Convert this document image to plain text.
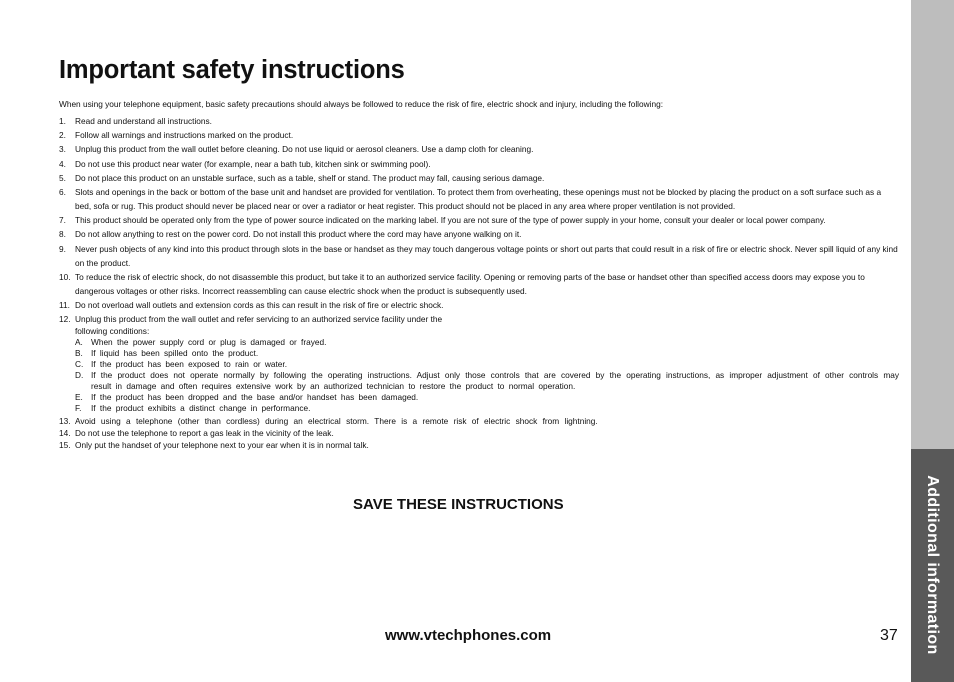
Important safety instructions

When using your telephone equipment, basic safety precautions should always be followed to reduce the risk of fire, electric shock and injury, including the following:

1.	Read and understand all instructions.
2.	Follow all warnings and instructions marked on the product.
3.	Unplug this product from the wall outlet before cleaning. Do not use liquid or aerosol cleaners. Use a damp cloth for cleaning.
4.	Do not use this product near water (for example, near a bath tub, kitchen sink or swimming pool).
5.	Do not place this product on an unstable surface, such as a table, shelf or stand. The product may fall, causing serious damage.
6.	Slots and openings in the back or bottom of the base unit and handset are provided for ventilation. To protect them from overheating, these openings must not be blocked by placing the product on a soft surface such as a bed, sofa or rug. This product should never be placed near or over a radiator or heat register. This product should not be placed in any area where proper ventilation is not provided.
7.	This product should be operated only from the type of power source indicated on the marking label. If you are not sure of the type of power supply in your home, consult your dealer or local power company.
8.	Do not allow anything to rest on the power cord. Do not install this product where the cord may have anyone walking on it.
9.	Never push objects of any kind into this product through slots in the base or handset as they may touch dangerous voltage points or short out parts that could result in a risk of fire or electric shock. Never spill liquid of any kind on the product.
10. To reduce the risk of electric shock, do not disassemble this product, but take it to an authorized service facility. Opening or removing parts of the base or handset other than specified access doors may expose you to dangerous voltages or other risks. Incorrect reassembling can cause electric shock when the product is subsequently used.
11. Do not overload wall outlets and extension cords as this can result in the risk of fire or electric shock.
12. Unplug this product from the wall outlet and refer servicing to an authorized service facility under the
following conditions:
A. When the power supply cord or plug is damaged or frayed.
B. If liquid has been spilled onto the product.
C. If the product has been exposed to rain or water.
D. If the product does not operate normally by following the operating instructions. Adjust only those controls that are covered by the operating instructions, as improper adjustment of other controls may result in damage and often requires extensive work by an authorized technician to restore the product to normal operation.
E. If the product has been dropped and the base and/or handset has been damaged.
F.	If the product exhibits a distinct change in performance.
13. Avoid using a telephone (other than cordless) during an electrical storm. There is a remote risk of electric shock from lightning.
14. Do not use the telephone to report a gas leak in the vicinity of the leak.
15. Only put the handset of your telephone next to your ear when it is in normal talk.
SAVE THESE INSTRUCTIONS
www.vtechphones.com	37 Additional information
